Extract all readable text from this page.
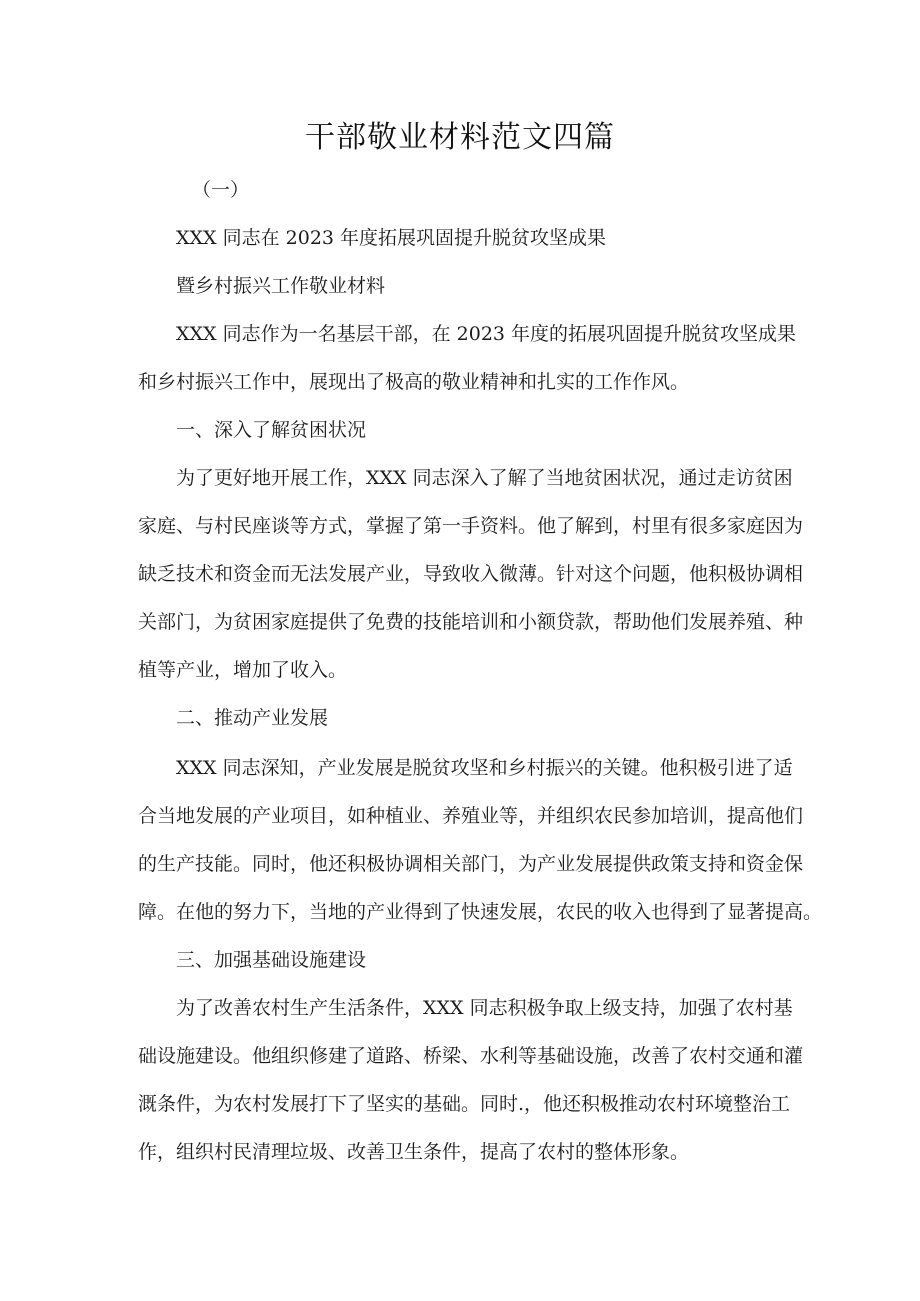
干部敬业材料范文四篇
（一）
XXX 同志在 2023 年度拓展巩固提升脱贫攻坚成果
暨乡村振兴工作敬业材料
XXX 同志作为一名基层干部，在 2023 年度的拓展巩固提升脱贫攻坚成果
和乡村振兴工作中，展现出了极高的敬业精神和扎实的工作作风。
一、深入了解贫困状况
为了更好地开展工作，XXX 同志深入了解了当地贫困状况，通过走访贫困
家庭、与村民座谈等方式，掌握了第一手资料。他了解到，村里有很多家庭因为
缺乏技术和资金而无法发展产业，导致收入微薄。针对这个问题，他积极协调相
关部门，为贫困家庭提供了免费的技能培训和小额贷款，帮助他们发展养殖、种
植等产业，增加了收入。
二、推动产业发展
XXX 同志深知，产业发展是脱贫攻坚和乡村振兴的关键。他积极引进了适
合当地发展的产业项目，如种植业、养殖业等，并组织农民参加培训，提高他们
的生产技能。同时，他还积极协调相关部门，为产业发展提供政策支持和资金保
障。在他的努力下，当地的产业得到了快速发展，农民的收入也得到了显著提高。
三、加强基础设施建设
为了改善农村生产生活条件，XXX 同志积极争取上级支持，加强了农村基
础设施建设。他组织修建了道路、桥梁、水利等基础设施，改善了农村交通和灌
溉条件，为农村发展打下了坚实的基础。同时.，他还积极推动农村环境整治工
作，组织村民清理垃圾、改善卫生条件，提高了农村的整体形象。
